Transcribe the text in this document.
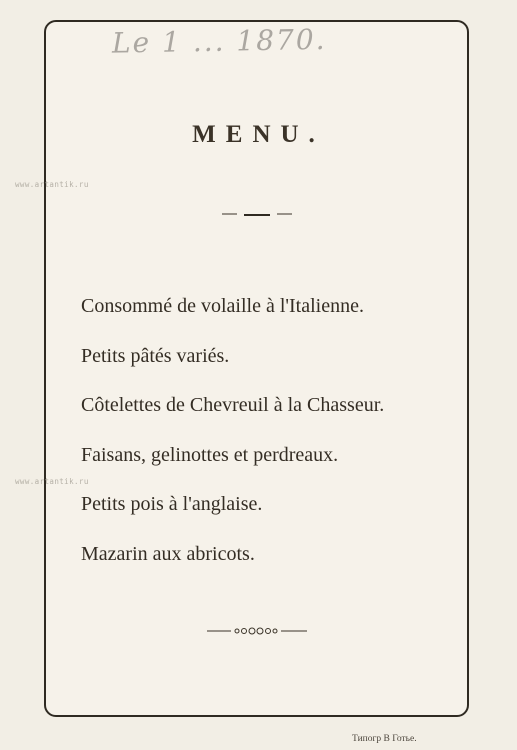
Le 1 ... 1870.
www.artantik.ru
www.artantik.ru
MENU.
Consommé de volaille à l'Italienne.
Petits pâtés variés.
Côtelettes de Chevreuil à la Chasseur.
Faisans, gelinottes et perdreaux.
Petits pois à l'anglaise.
Mazarin aux abricots.
Типогр В Готье.
